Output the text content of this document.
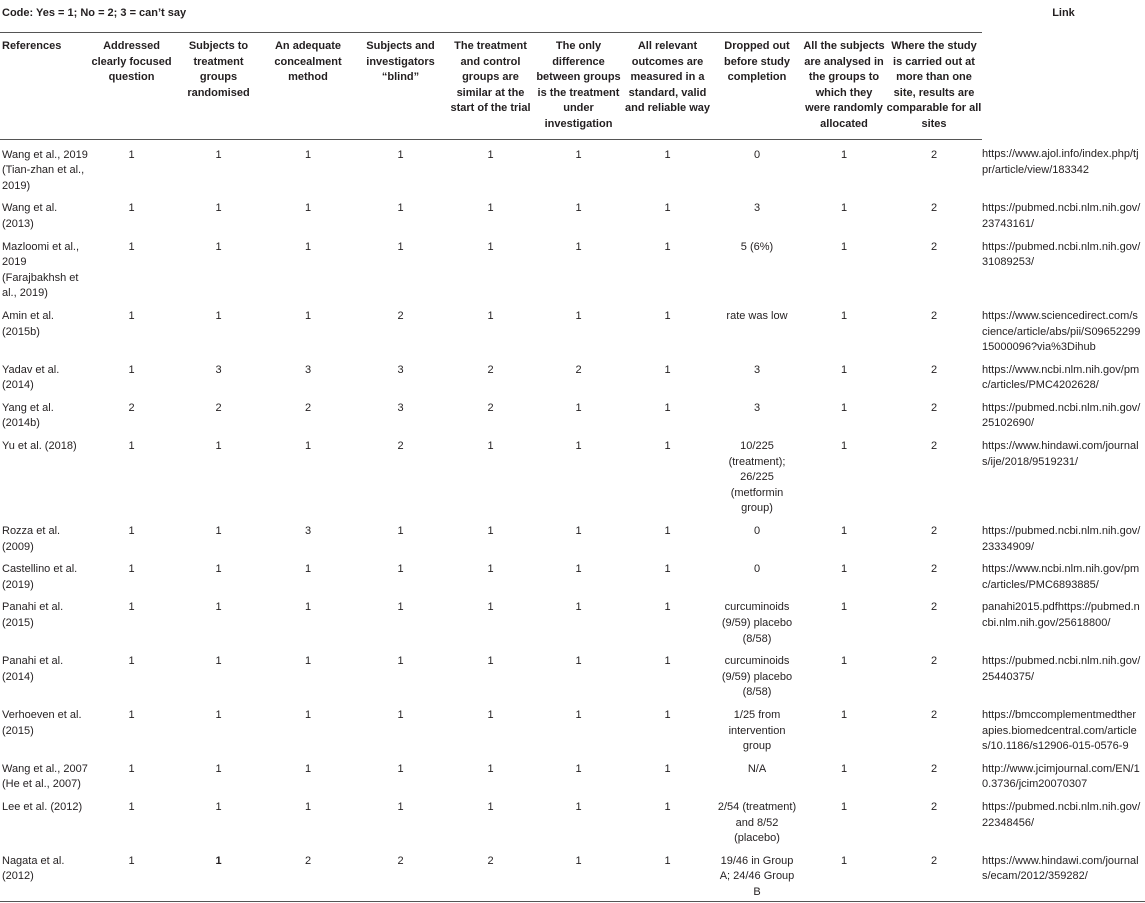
Code: Yes = 1; No = 2; 3 = can’t say											Link
References	Addressed clearly focused question	Subjects to treatment groups randomised	An adequate concealment method	Subjects and investigators “blind”	The treatment and control groups are similar at the start of the trial	The only difference between groups is the treatment under investigation	All relevant outcomes are measured in a standard, valid and reliable way	Dropped out before study completion	All the subjects are analysed in the groups to which they were randomly allocated	Where the study is carried out at more than one site, results are comparable for all sites	
Wang et al., 2019 (Tian-zhan et al., 2019)	1	1	1	1	1	1	1	0	1	2	https://www.ajol.info/index.php/tjpr/article/view/183342
Wang et al. (2013)	1	1	1	1	1	1	1	3	1	2	https://pubmed.ncbi.nlm.nih.gov/23743161/
Mazloomi et al., 2019 (Farajbakhsh et al., 2019)	1	1	1	1	1	1	1	5 (6%)	1	2	https://pubmed.ncbi.nlm.nih.gov/31089253/
Amin et al. (2015b)	1	1	1	2	1	1	1	rate was low	1	2	https://www.sciencedirect.com/science/article/abs/pii/S0965229915000096?via%3Dihub
Yadav et al. (2014)	1	3	3	3	2	2	1	3	1	2	https://www.ncbi.nlm.nih.gov/pmc/articles/PMC4202628/
Yang et al. (2014b)	2	2	2	3	2	1	1	3	1	2	https://pubmed.ncbi.nlm.nih.gov/25102690/
Yu et al. (2018)	1	1	1	2	1	1	1	10/225 (treatment); 26/225 (metformin group)	1	2	https://www.hindawi.com/journals/ije/2018/9519231/
Rozza et al. (2009)	1	1	3	1	1	1	1	0	1	2	https://pubmed.ncbi.nlm.nih.gov/23334909/
Castellino et al. (2019)	1	1	1	1	1	1	1	0	1	2	https://www.ncbi.nlm.nih.gov/pmc/articles/PMC6893885/
Panahi et al. (2015)	1	1	1	1	1	1	1	curcuminoids (9/59) placebo (8/58)	1	2	panahi2015.pdfhttps://pubmed.ncbi.nlm.nih.gov/25618800/
Panahi et al. (2014)	1	1	1	1	1	1	1	curcuminoids (9/59) placebo (8/58)	1	2	https://pubmed.ncbi.nlm.nih.gov/25440375/
Verhoeven et al. (2015)	1	1	1	1	1	1	1	1/25 from intervention group	1	2	https://bmccomplementmedtherapies.biomedcentral.com/articles/10.1186/s12906-015-0576-9
Wang et al., 2007 (He et al., 2007)	1	1	1	1	1	1	1	N/A	1	2	http://www.jcimjournal.com/EN/10.3736/jcim20070307
Lee et al. (2012)	1	1	1	1	1	1	1	2/54 (treatment) and 8/52 (placebo)	1	2	https://pubmed.ncbi.nlm.nih.gov/22348456/
Nagata et al. (2012)	1	1	2	2	2	1	1	19/46 in Group A; 24/46 Group B	1	2	https://www.hindawi.com/journals/ecam/2012/359282/
